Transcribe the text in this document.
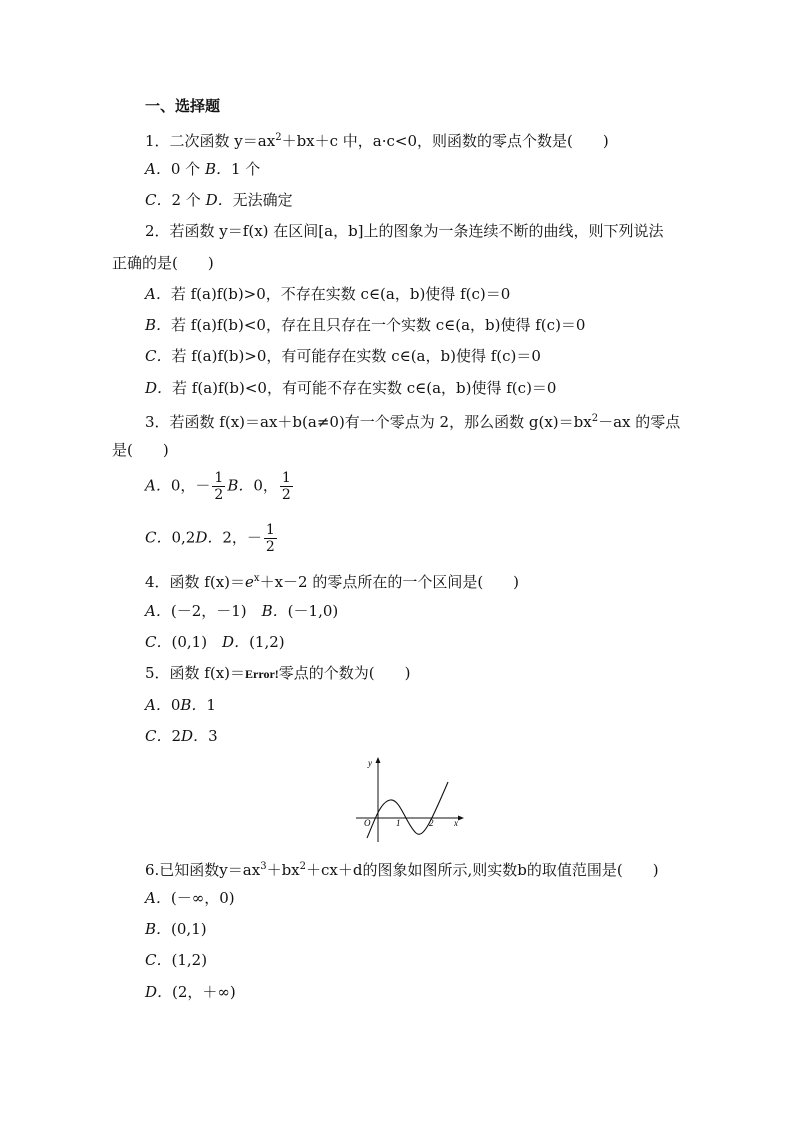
一、选择题
1．二次函数 $y=ax^2+bx+c$ 中，a·c<0，则函数的零点个数是(　　)
A．0 个 B．1 个
C．2 个 D．无法确定
2．若函数 y＝f(x) 在区间[a，b]上的图象为一条连续不断的曲线，则下列说法
正确的是(　　)
A．若 f(a)f(b)>0，不存在实数 c∈(a，b)使得 f(c)＝0
B．若 f(a)f(b)<0，存在且只存在一个实数 c∈(a，b)使得 f(c)＝0
C．若 f(a)f(b)>0，有可能存在实数 c∈(a，b)使得 f(c)＝0
D．若 f(a)f(b)<0，有可能不存在实数 c∈(a，b)使得 f(c)＝0
3．若函数 f(x)＝ax＋b(a≠0)有一个零点为 2，那么函数 $g(x)=bx^2-ax$ 的零点
是(　　)
A．0，－ $\frac{1}{2}$ B．0， $\frac{1}{2}$
C．0,2D．2，－ $\frac{1}{2}$
4．函数 $f(x)=e^x+x-2$ 的零点所在的一个区间是(　　)
A．(－2，－1)　B．(－1,0)
C．(0,1)　D．(1,2)
5．函数 f(x)＝Error!零点的个数为(　　)
A．0B．1
C．2D．3
y
x
O	1	2
6.已知函数$y=ax^3+bx^2+cx+d$的图象如图所示,则实数b的取值范围是(　　)
A．(－∞，0)
B．(0,1)
C．(1,2)
D．(2，＋∞)
